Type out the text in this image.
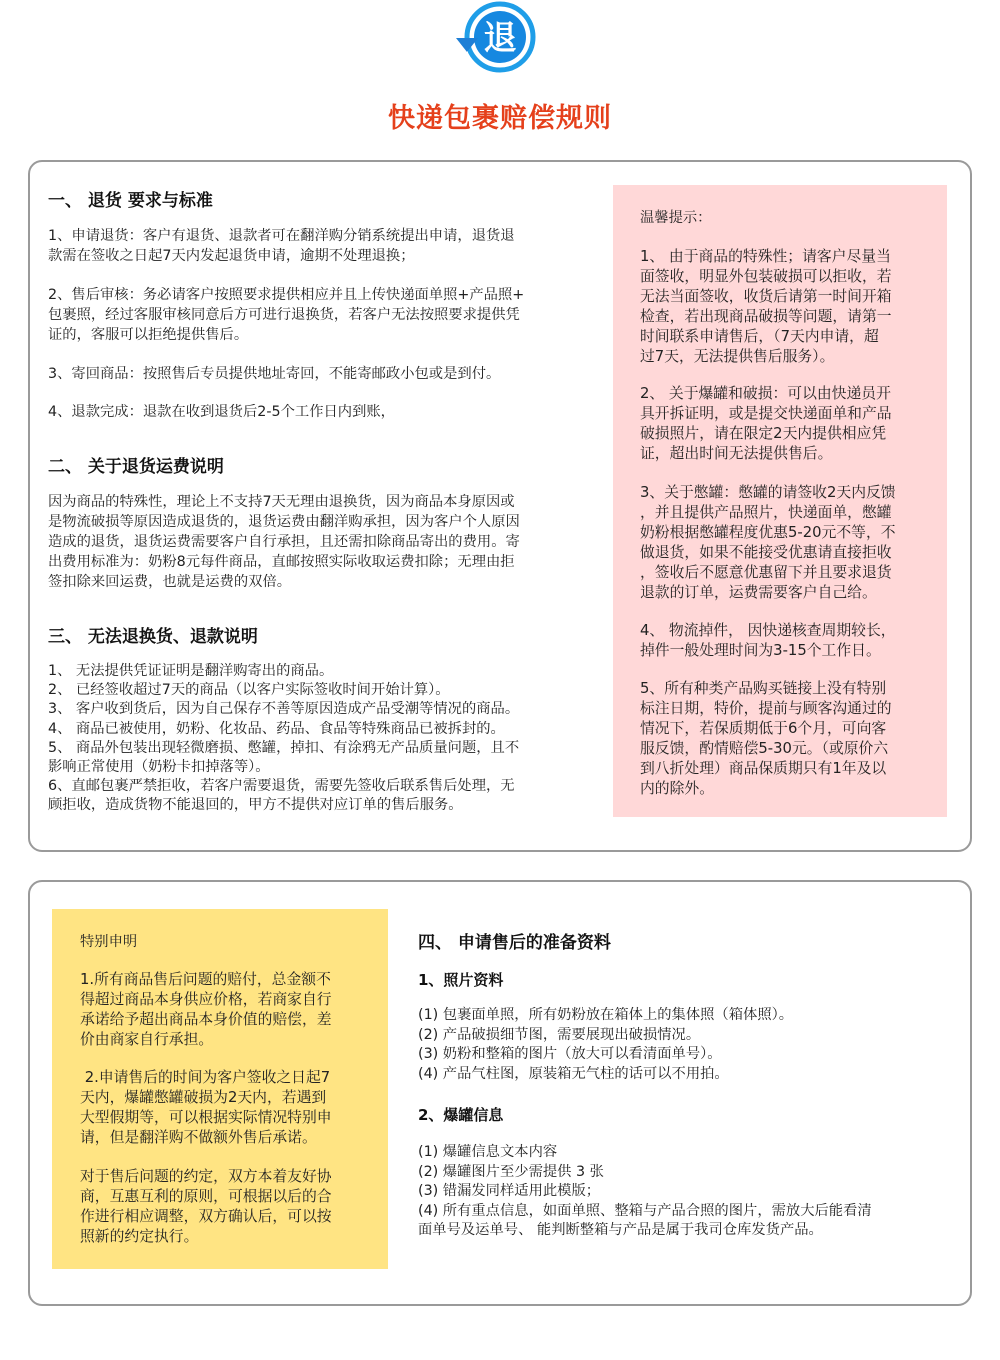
退
快递包裹赔偿规则
一、 退货 要求与标准
1、申请退货：客户有退货、退款者可在翻洋购分销系统提出申请，退货退
款需在签收之日起7天内发起退货申请，逾期不处理退换；
2、售后审核：务必请客户按照要求提供相应并且上传快递面单照+产品照+
包裹照，经过客服审核同意后方可进行退换货，若客户无法按照要求提供凭
证的，客服可以拒绝提供售后。
3、寄回商品：按照售后专员提供地址寄回，不能寄邮政小包或是到付。
4、退款完成：退款在收到退货后2-5个工作日内到账，
二、 关于退货运费说明
因为商品的特殊性，理论上不支持7天无理由退换货，因为商品本身原因或
是物流破损等原因造成退货的，退货运费由翻洋购承担，因为客户个人原因
造成的退货，退货运费需要客户自行承担，且还需扣除商品寄出的费用。寄
出费用标准为：奶粉8元每件商品，直邮按照实际收取运费扣除；无理由拒
签扣除来回运费，也就是运费的双倍。
三、 无法退换货、退款说明
1、 无法提供凭证证明是翻洋购寄出的商品。
2、 已经签收超过7天的商品（以客户实际签收时间开始计算）。
3、 客户收到货后，因为自己保存不善等原因造成产品受潮等情况的商品。
4、 商品已被使用，奶粉、化妆品、药品、食品等特殊商品已被拆封的。
5、 商品外包装出现轻微磨损、憋罐，掉扣、有涂鸦无产品质量问题，且不
影响正常使用（奶粉卡扣掉落等）。
6、直邮包裹严禁拒收，若客户需要退货，需要先签收后联系售后处理，无
顾拒收，造成货物不能退回的，甲方不提供对应订单的售后服务。
温馨提示：
1、 由于商品的特殊性；请客户尽量当
面签收，明显外包装破损可以拒收，若
无法当面签收，收货后请第一时间开箱
检查，若出现商品破损等问题，请第一
时间联系申请售后，（7天内申请，超
过7天，无法提供售后服务）。
2、 关于爆罐和破损：可以由快递员开
具开拆证明，或是提交快递面单和产品
破损照片，请在限定2天内提供相应凭
证，超出时间无法提供售后。
3、关于憋罐：憋罐的请签收2天内反馈
，并且提供产品照片，快递面单，憋罐
奶粉根据憋罐程度优惠5-20元不等，不
做退货，如果不能接受优惠请直接拒收
，签收后不愿意优惠留下并且要求退货
退款的订单，运费需要客户自己给。
4、 物流掉件， 因快递核查周期较长，
掉件一般处理时间为3-15个工作日。
5、所有种类产品购买链接上没有特别
标注日期，特价，提前与顾客沟通过的
情况下，若保质期低于6个月，可向客
服反馈，酌情赔偿5-30元。（或原价六
到八折处理）商品保质期只有1年及以
内的除外。
特别申明
1.所有商品售后问题的赔付，总金额不
得超过商品本身供应价格，若商家自行
承诺给予超出商品本身价值的赔偿，差
价由商家自行承担。
2.申请售后的时间为客户签收之日起7
天内，爆罐憋罐破损为2天内，若遇到
大型假期等，可以根据实际情况特别申
请，但是翻洋购不做额外售后承诺。
对于售后问题的约定，双方本着友好协
商，互惠互利的原则，可根据以后的合
作进行相应调整，双方确认后，可以按
照新的约定执行。
四、 申请售后的准备资料
1、照片资料
(1) 包裹面单照，所有奶粉放在箱体上的集体照（箱体照）。
(2) 产品破损细节图，需要展现出破损情况。
(3) 奶粉和整箱的图片（放大可以看清面单号）。
(4) 产品气柱图，原装箱无气柱的话可以不用拍。
2、爆罐信息
(1) 爆罐信息文本内容
(2) 爆罐图片至少需提供 3 张
(3) 错漏发同样适用此模版；
(4) 所有重点信息，如面单照、整箱与产品合照的图片，需放大后能看清
面单号及运单号、 能判断整箱与产品是属于我司仓库发货产品。
